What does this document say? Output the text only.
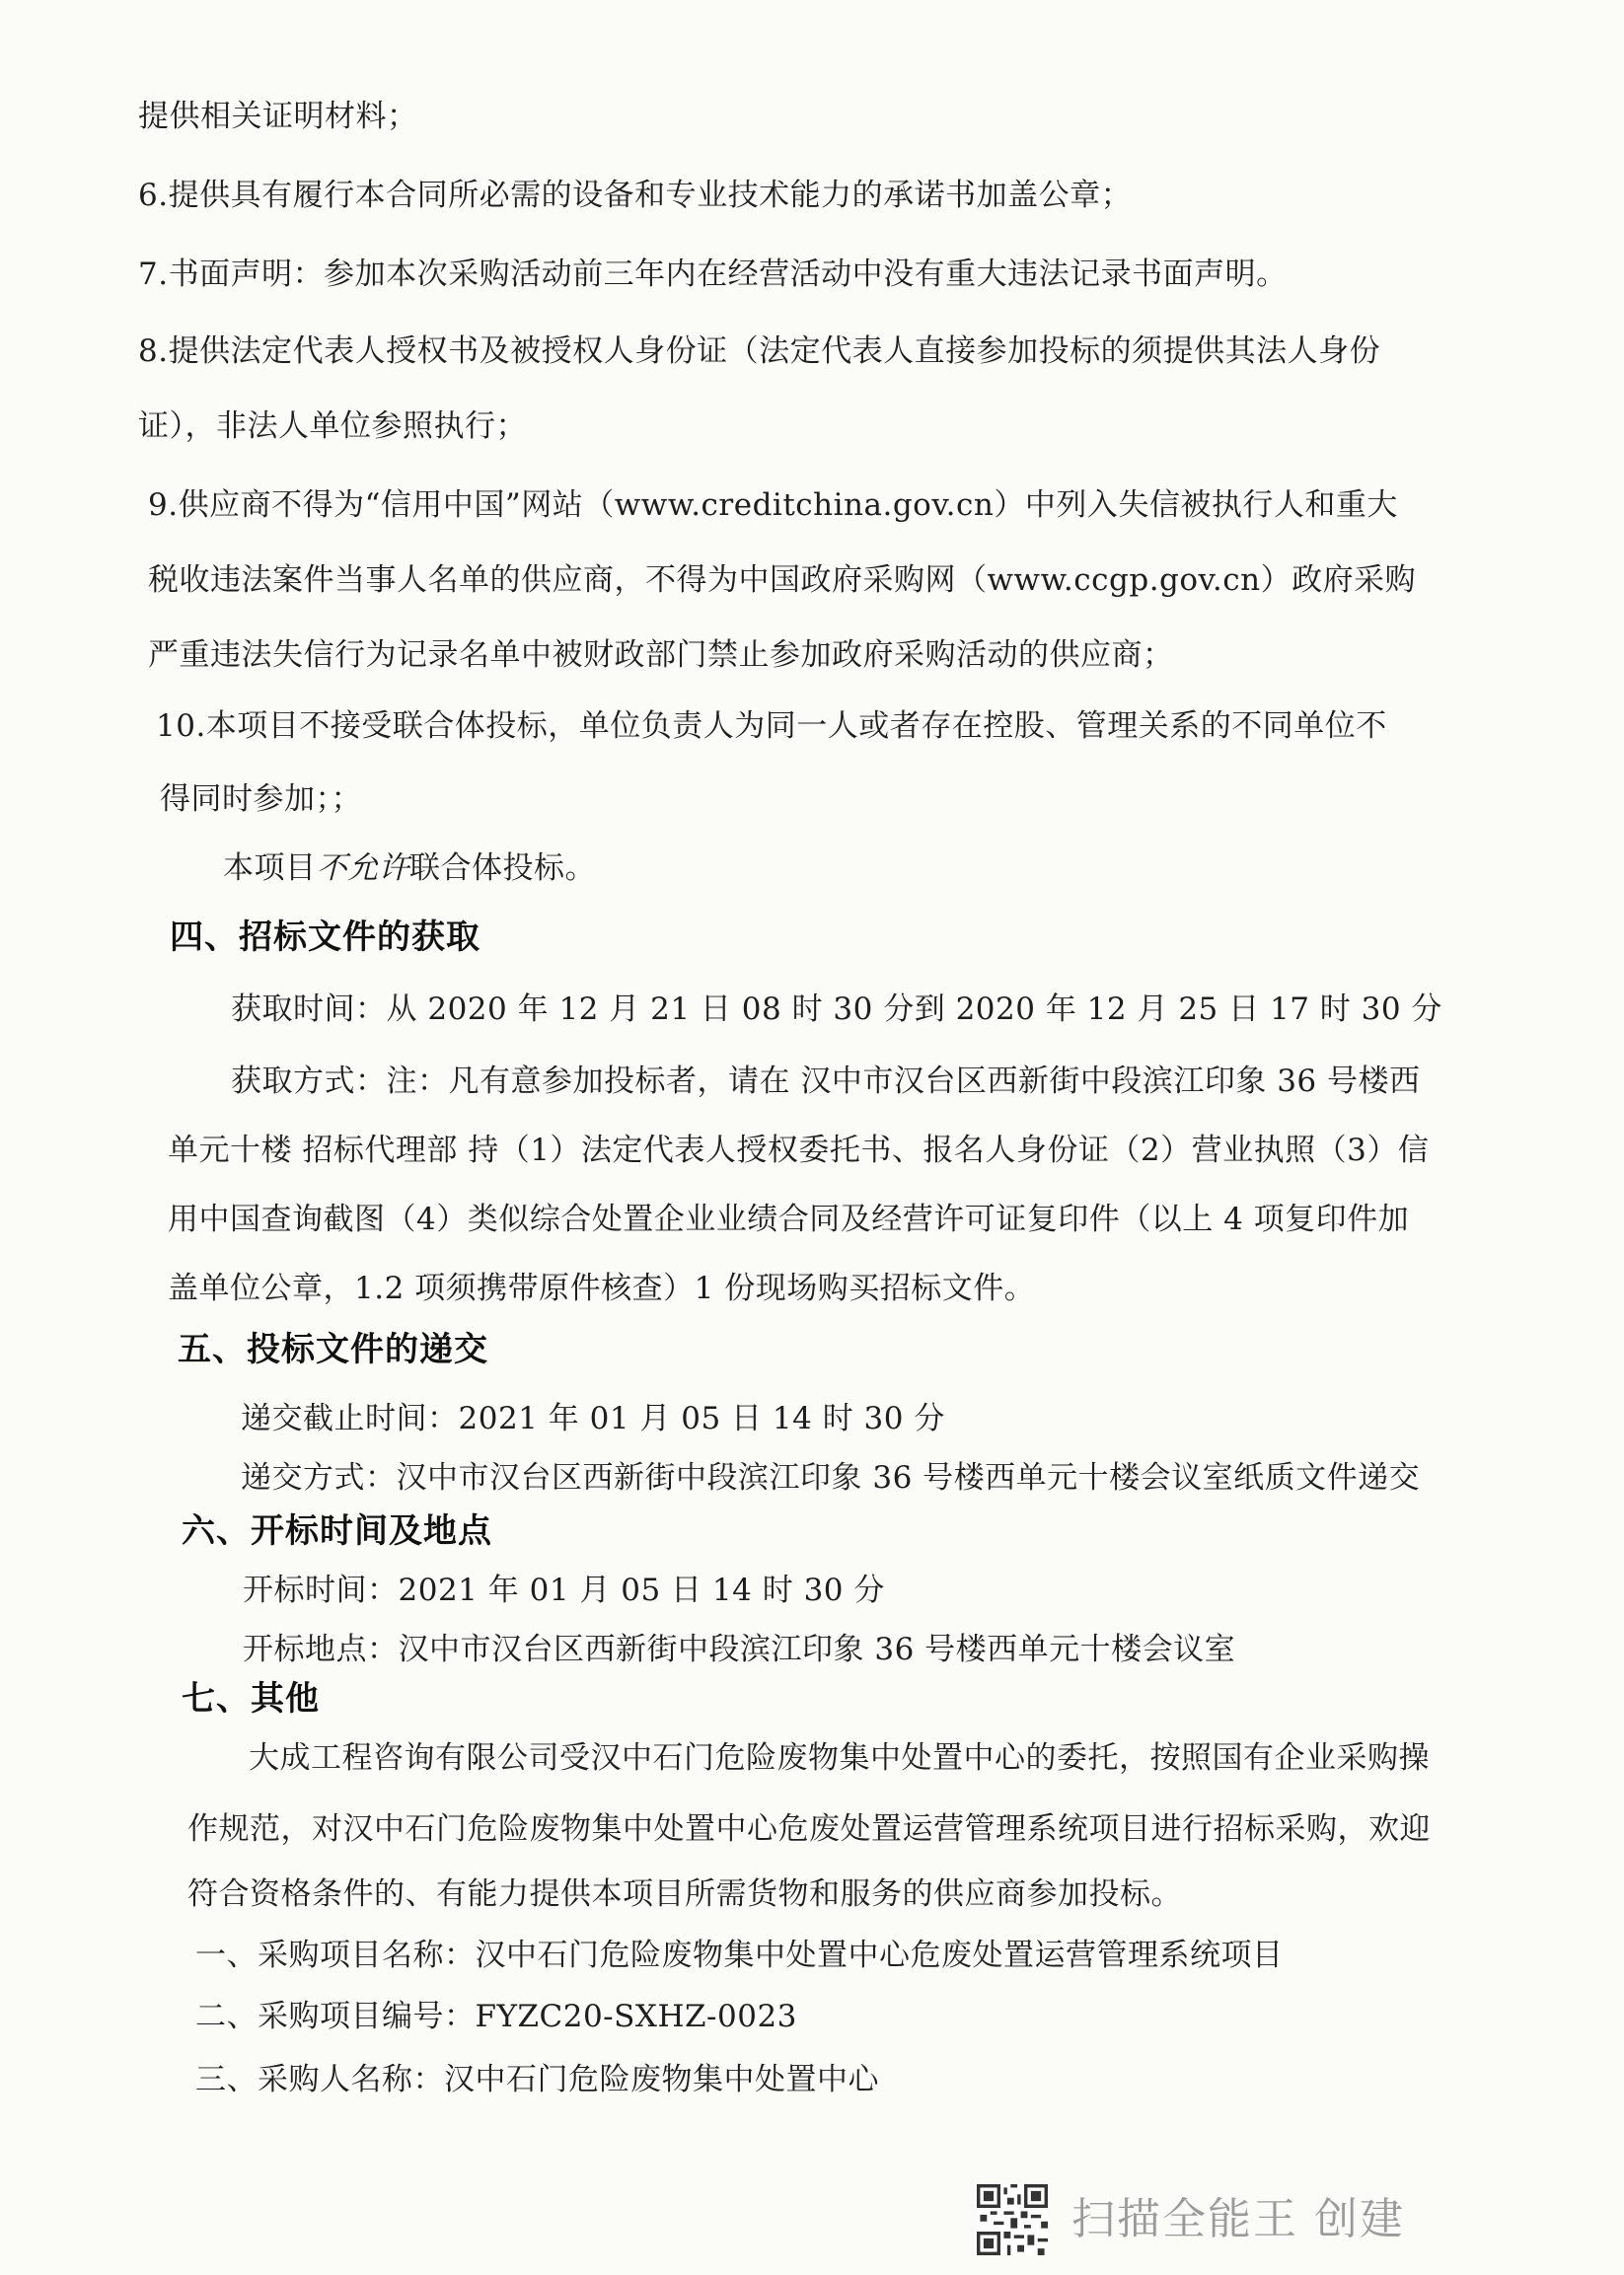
提供相关证明材料；
6.提供具有履行本合同所必需的设备和专业技术能力的承诺书加盖公章；
7.书面声明：参加本次采购活动前三年内在经营活动中没有重大违法记录书面声明。
8.提供法定代表人授权书及被授权人身份证（法定代表人直接参加投标的须提供其法人身份
证），非法人单位参照执行；
9.供应商不得为“信用中国”网站（www.creditchina.gov.cn）中列入失信被执行人和重大
税收违法案件当事人名单的供应商，不得为中国政府采购网（www.ccgp.gov.cn）政府采购
严重违法失信行为记录名单中被财政部门禁止参加政府采购活动的供应商；
10.本项目不接受联合体投标，单位负责人为同一人或者存在控股、管理关系的不同单位不
得同时参加；；
本项目不允许联合体投标。
四、招标文件的获取
获取时间：从 2020 年 12 月 21 日 08 时 30 分到 2020 年 12 月 25 日 17 时 30 分
获取方式：注：凡有意参加投标者，请在 汉中市汉台区西新街中段滨江印象 36 号楼西
单元十楼 招标代理部 持（1）法定代表人授权委托书、报名人身份证（2）营业执照（3）信
用中国查询截图（4）类似综合处置企业业绩合同及经营许可证复印件（以上 4 项复印件加
盖单位公章，1.2 项须携带原件核查）1 份现场购买招标文件。
五、投标文件的递交
递交截止时间：2021 年 01 月 05 日 14 时 30 分
递交方式：汉中市汉台区西新街中段滨江印象 36 号楼西单元十楼会议室纸质文件递交
六、开标时间及地点
开标时间：2021 年 01 月 05 日 14 时 30 分
开标地点：汉中市汉台区西新街中段滨江印象 36 号楼西单元十楼会议室
七、其他
大成工程咨询有限公司受汉中石门危险废物集中处置中心的委托，按照国有企业采购操
作规范，对汉中石门危险废物集中处置中心危废处置运营管理系统项目进行招标采购，欢迎
符合资格条件的、有能力提供本项目所需货物和服务的供应商参加投标。
一、采购项目名称：汉中石门危险废物集中处置中心危废处置运营管理系统项目
二、采购项目编号：FYZC20-SXHZ-0023
三、采购人名称：汉中石门危险废物集中处置中心
扫描全能王 创建
